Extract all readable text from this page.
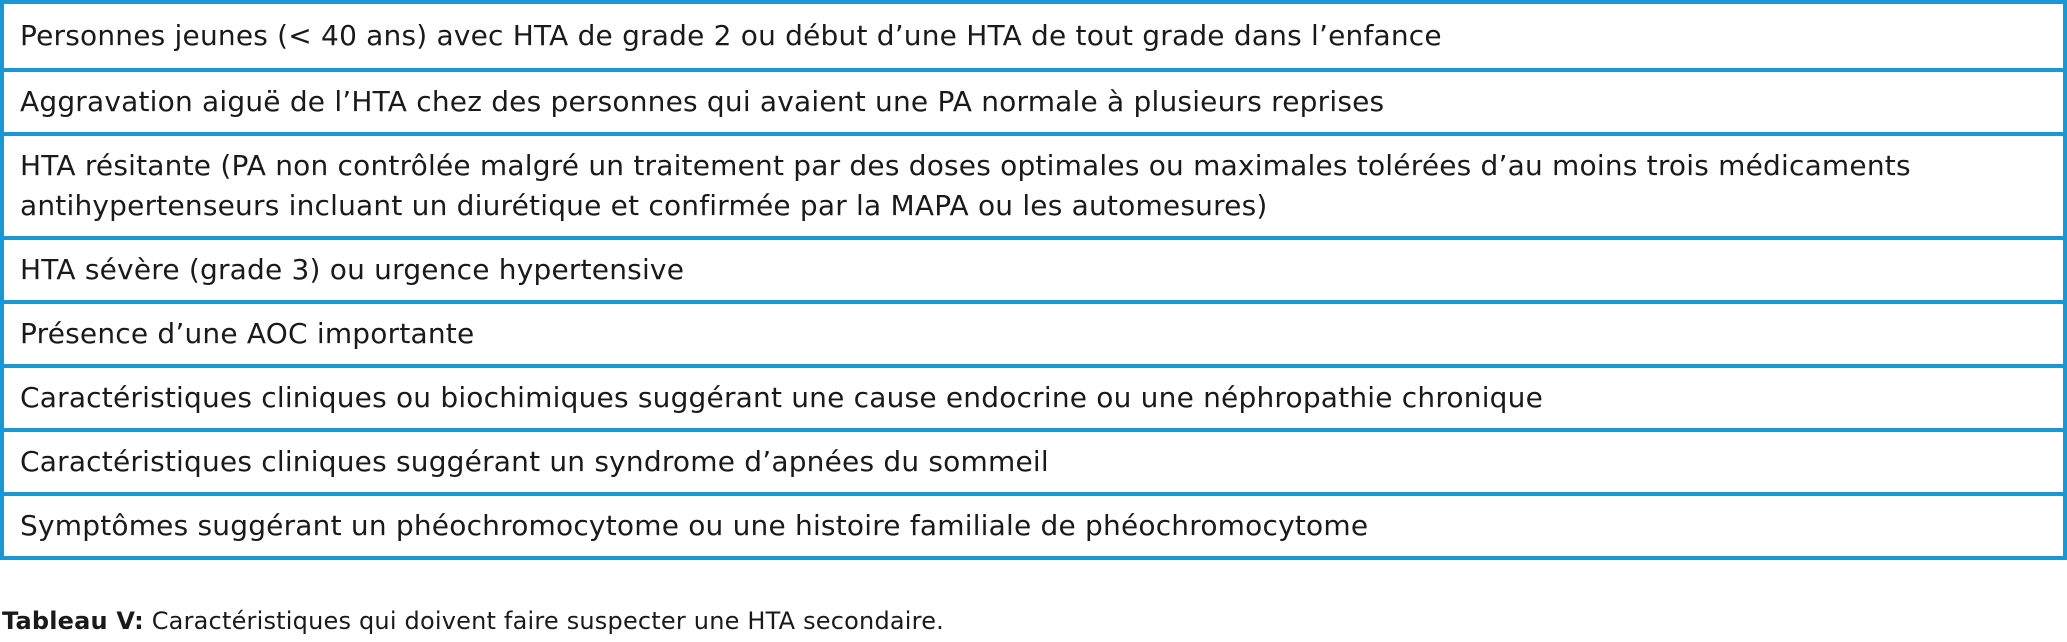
Personnes jeunes (< 40 ans) avec HTA de grade 2 ou début d’une HTA de tout grade dans l’enfance
Aggravation aiguë de l’HTA chez des personnes qui avaient une PA normale à plusieurs reprises
HTA résitante (PA non contrôlée malgré un traitement par des doses optimales ou maximales tolérées d’au moins trois médicaments antihypertenseurs incluant un diurétique et confirmée par la MAPA ou les automesures)
HTA sévère (grade 3) ou urgence hypertensive
Présence d’une AOC importante
Caractéristiques cliniques ou biochimiques suggérant une cause endocrine ou une néphropathie chronique
Caractéristiques cliniques suggérant un syndrome d’apnées du sommeil
Symptômes suggérant un phéochromocytome ou une histoire familiale de phéochromocytome
Tableau V: Caractéristiques qui doivent faire suspecter une HTA secondaire.
